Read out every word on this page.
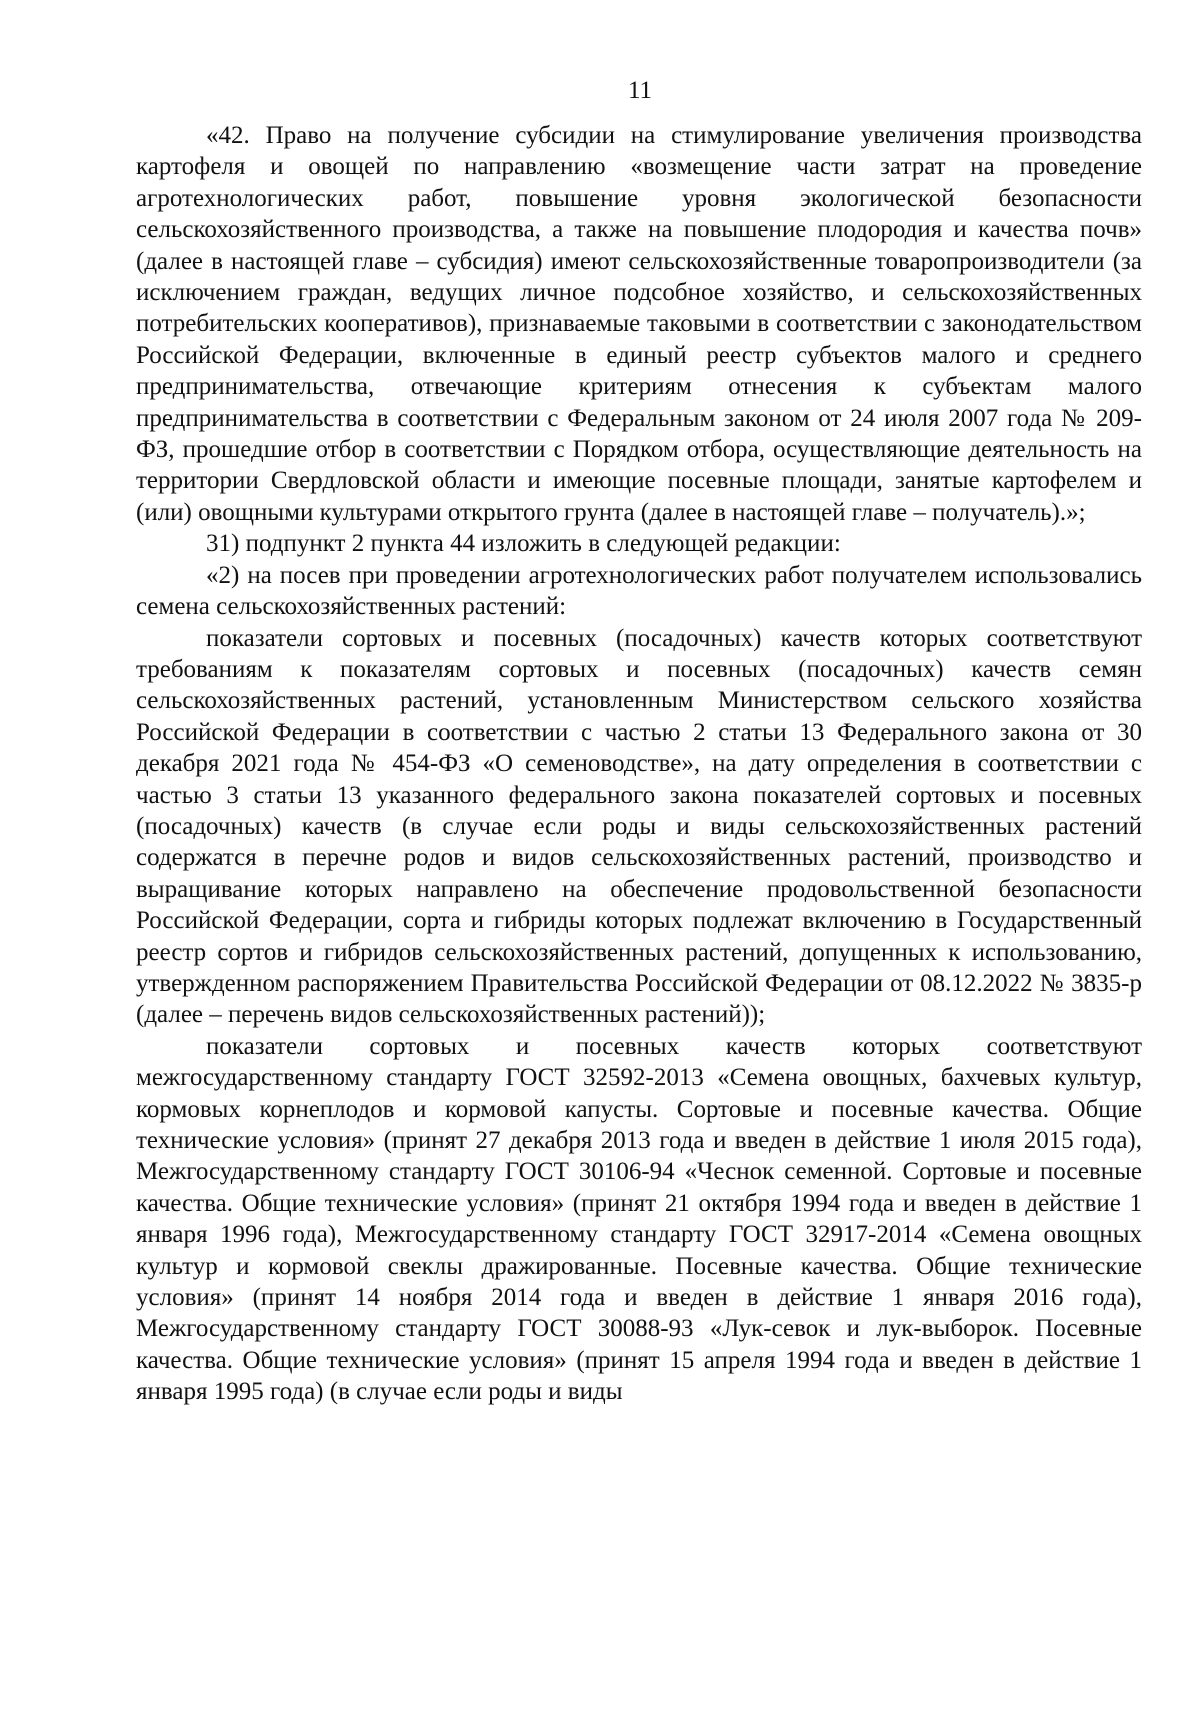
11

«42. Право на получение субсидии на стимулирование увеличения производства картофеля и овощей по направлению «возмещение части затрат на проведение агротехнологических работ, повышение уровня экологической безопасности сельскохозяйственного производства, а также на повышение плодородия и качества почв» (далее в настоящей главе – субсидия) имеют сельскохозяйственные товаропроизводители (за исключением граждан, ведущих личное подсобное хозяйство, и сельскохозяйственных потребительских кооперативов), признаваемые таковыми в соответствии с законодательством Российской Федерации, включенные в единый реестр субъектов малого и среднего предпринимательства, отвечающие критериям отнесения к субъектам малого предпринимательства в соответствии с Федеральным законом от 24 июля 2007 года № 209-ФЗ, прошедшие отбор в соответствии с Порядком отбора, осуществляющие деятельность на территории Свердловской области и имеющие посевные площади, занятые картофелем и (или) овощными культурами открытого грунта (далее в настоящей главе – получатель).»;

31) подпункт 2 пункта 44 изложить в следующей редакции:

«2) на посев при проведении агротехнологических работ получателем использовались семена сельскохозяйственных растений:

показатели сортовых и посевных (посадочных) качеств которых соответствуют требованиям к показателям сортовых и посевных (посадочных) качеств семян сельскохозяйственных растений, установленным Министерством сельского хозяйства Российской Федерации в соответствии с частью 2 статьи 13 Федерального закона от 30 декабря 2021 года № 454-ФЗ «О семеноводстве», на дату определения в соответствии с частью 3 статьи 13 указанного федерального закона показателей сортовых и посевных (посадочных) качеств (в случае если роды и виды сельскохозяйственных растений содержатся в перечне родов и видов сельскохозяйственных растений, производство и выращивание которых направлено на обеспечение продовольственной безопасности Российской Федерации, сорта и гибриды которых подлежат включению в Государственный реестр сортов и гибридов сельскохозяйственных растений, допущенных к использованию, утвержденном распоряжением Правительства Российской Федерации от 08.12.2022 № 3835-р (далее – перечень видов сельскохозяйственных растений));

показатели сортовых и посевных качеств которых соответствуют межгосударственному стандарту ГОСТ 32592-2013 «Семена овощных, бахчевых культур, кормовых корнеплодов и кормовой капусты. Сортовые и посевные качества. Общие технические условия» (принят 27 декабря 2013 года и введен в действие 1 июля 2015 года), Межгосударственному стандарту ГОСТ 30106-94 «Чеснок семенной. Сортовые и посевные качества. Общие технические условия» (принят 21 октября 1994 года и введен в действие 1 января 1996 года), Межгосударственному стандарту ГОСТ 32917-2014 «Семена овощных культур и кормовой свеклы дражированные. Посевные качества. Общие технические условия» (принят 14 ноября 2014 года и введен в действие 1 января 2016 года), Межгосударственному стандарту ГОСТ 30088-93 «Лук-севок и лук-выборок. Посевные качества. Общие технические условия» (принят 15 апреля 1994 года и введен в действие 1 января 1995 года) (в случае если роды и виды
